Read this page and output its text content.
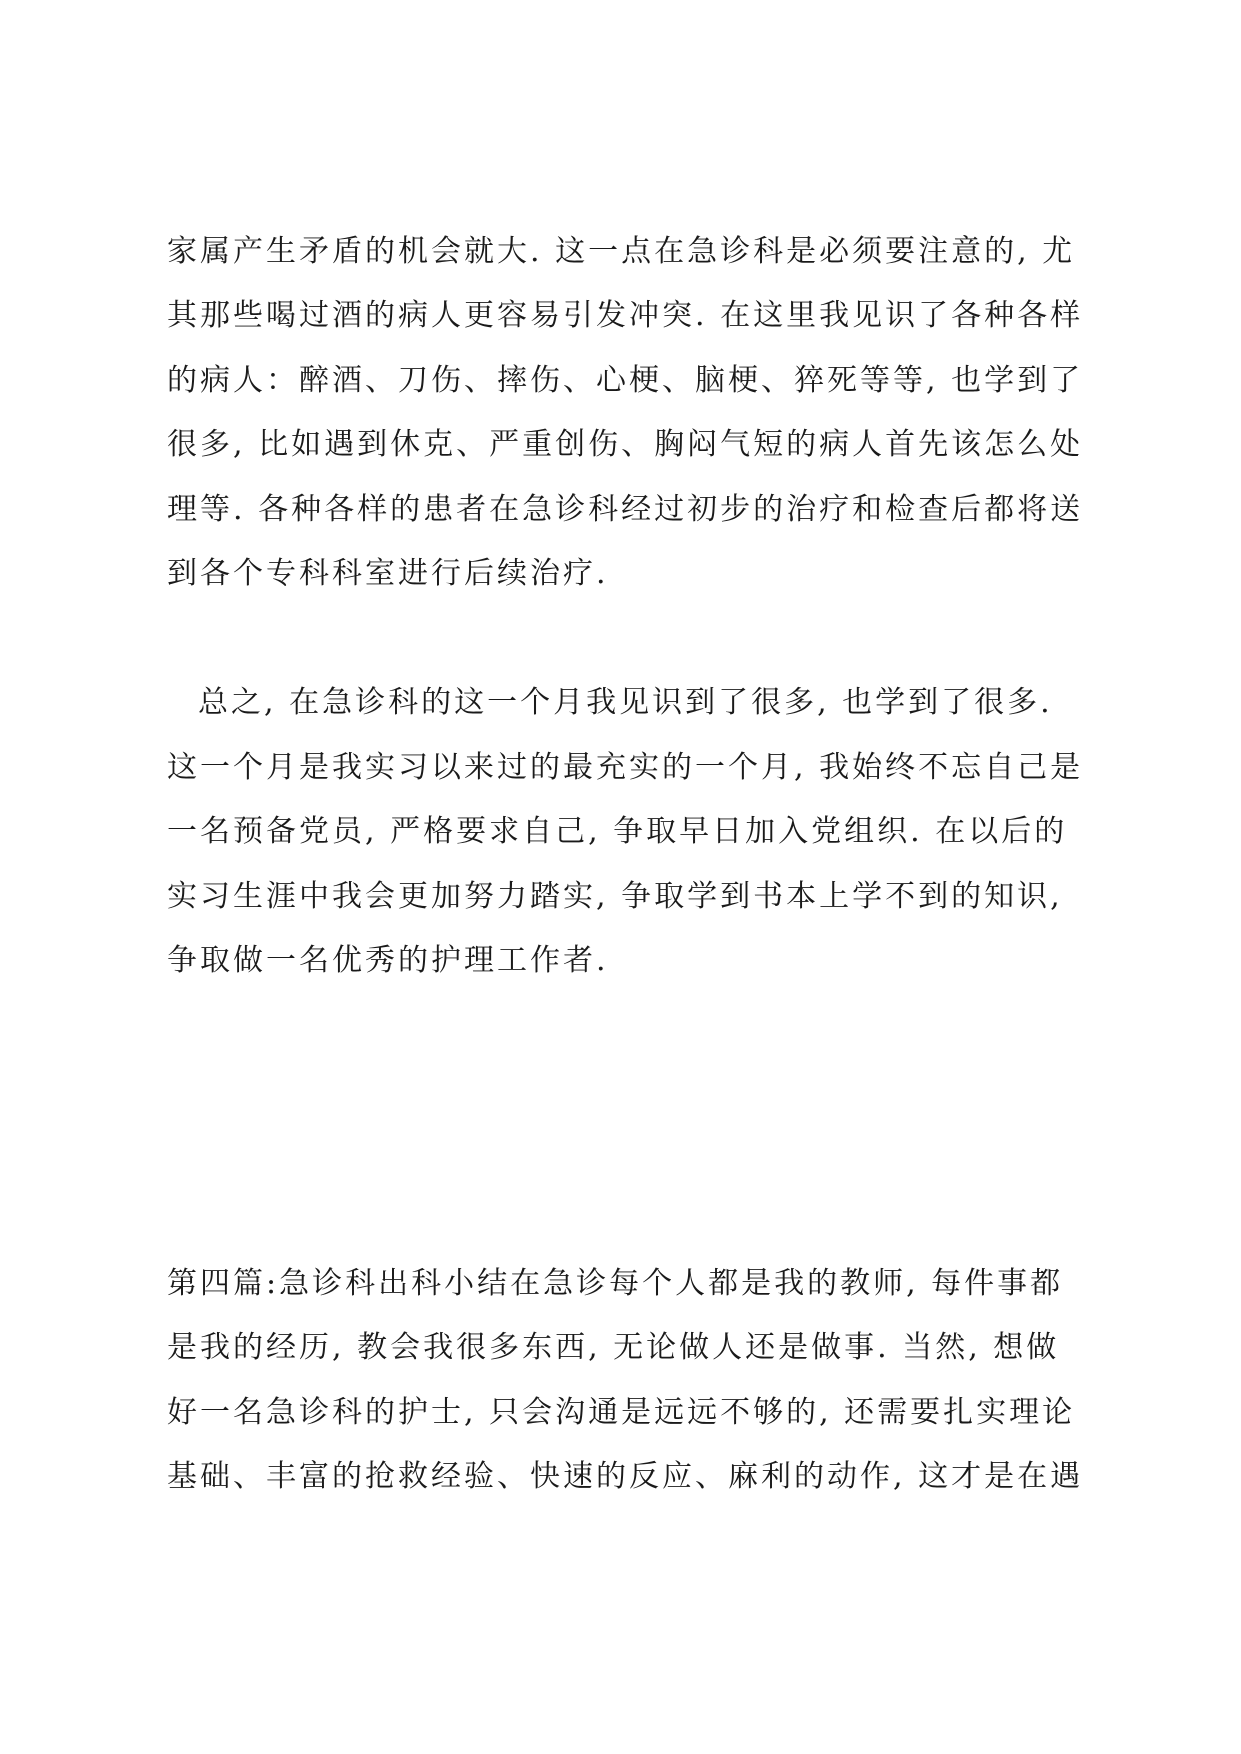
家属产生矛盾的机会就大. 这一点在急诊科是必须要注意的, 尤
其那些喝过酒的病人更容易引发冲突. 在这里我见识了各种各样
的病人：醉酒、刀伤、摔伤、心梗、脑梗、猝死等等, 也学到了
很多, 比如遇到休克、严重创伤、胸闷气短的病人首先该怎么处
理等. 各种各样的患者在急诊科经过初步的治疗和检查后都将送
到各个专科科室进行后续治疗.
总之, 在急诊科的这一个月我见识到了很多, 也学到了很多.
这一个月是我实习以来过的最充实的一个月, 我始终不忘自己是
一名预备党员, 严格要求自己, 争取早日加入党组织. 在以后的
实习生涯中我会更加努力踏实, 争取学到书本上学不到的知识,
争取做一名优秀的护理工作者.
第四篇:急诊科出科小结在急诊每个人都是我的教师, 每件事都
是我的经历, 教会我很多东西, 无论做人还是做事. 当然, 想做
好一名急诊科的护士, 只会沟通是远远不够的, 还需要扎实理论
基础、丰富的抢救经验、快速的反应、麻利的动作, 这才是在遇
